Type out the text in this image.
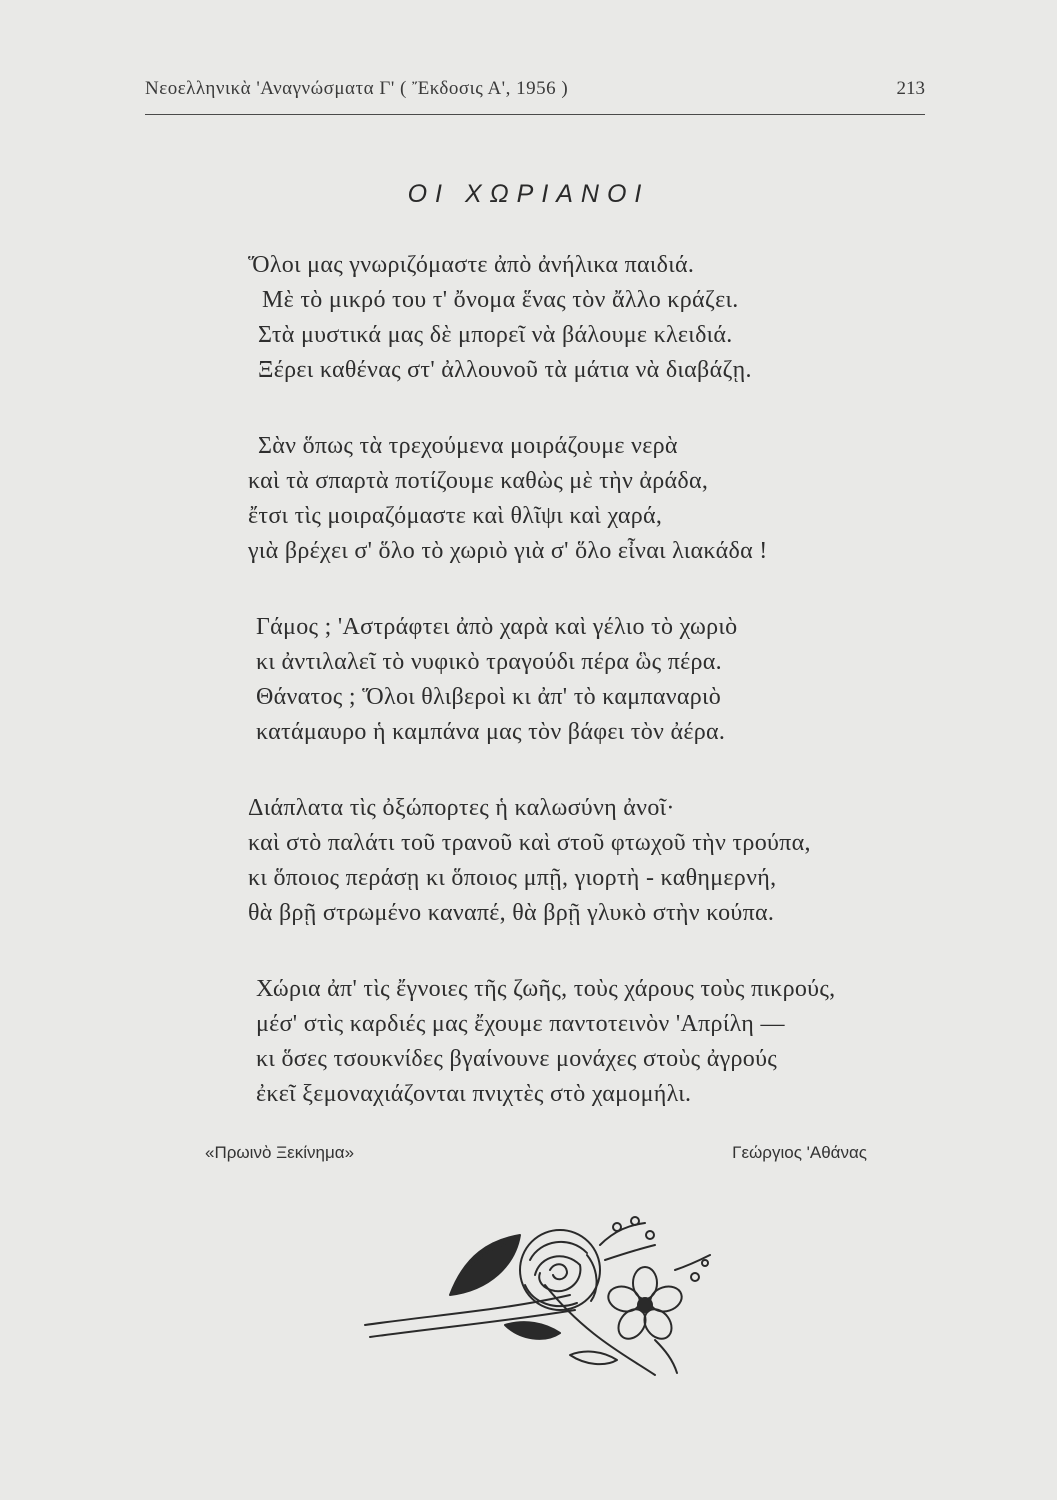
Νεοελληνικὰ 'Αναγνώσματα Γ' ( Ἔκδοσις Α', 1956 )	213
ΟΙ ΧΩΡΙΑΝΟΙ
Ὅλοι μας γνωριζόμαστε ἀπὸ ἀνήλικα παιδιά.
Μὲ τὸ μικρό του τ' ὄνομα ἕνας τὸν ἄλλο κράζει.
Στὰ μυστικά μας δὲ μπορεῖ νὰ βάλουμε κλειδιά.
Ξέρει καθένας στ' ἀλλουνοῦ τὰ μάτια νὰ διαβάζῃ.
Σὰν ὅπως τὰ τρεχούμενα μοιράζουμε νερὰ
καὶ τὰ σπαρτὰ ποτίζουμε καθὼς μὲ τὴν ἀράδα,
ἔτσι τὶς μοιραζόμαστε καὶ θλῖψι καὶ χαρά,
γιὰ βρέχει σ' ὅλο τὸ χωριὸ γιὰ σ' ὅλο εἶναι λιακάδα !
Γάμος ; 'Αστράφτει ἀπὸ χαρὰ καὶ γέλιο τὸ χωριὸ
κι ἀντιλαλεῖ τὸ νυφικὸ τραγούδι πέρα ὣς πέρα.
Θάνατος ; Ὅλοι θλιβεροὶ κι ἀπ' τὸ καμπαναριὸ
κατάμαυρο ἡ καμπάνα μας τὸν βάφει τὸν ἀέρα.
Διάπλατα τὶς ὀξώπορτες ἡ καλωσύνη ἀνοῖ·
καὶ στὸ παλάτι τοῦ τρανοῦ καὶ στοῦ φτωχοῦ τὴν τρούπα,
κι ὅποιος περάσῃ κι ὅποιος μπῇ, γιορτὴ - καθημερνή,
θὰ βρῇ στρωμένο καναπέ, θὰ βρῇ γλυκὸ στὴν κούπα.
Χώρια ἀπ' τὶς ἔγνοιες τῆς ζωῆς, τοὺς χάρους τοὺς πικρούς,
μέσ' στὶς καρδιές μας ἔχουμε παντοτεινὸν 'Απρίλη —
κι ὅσες τσουκνίδες βγαίνουνε μονάχες στοὺς ἀγρούς
ἐκεῖ ξεμοναχιάζονται πνιχτὲς στὸ χαμομήλι.
«Πρωινὸ Ξεκίνημα»	Γεώργιος 'Αθάνας
